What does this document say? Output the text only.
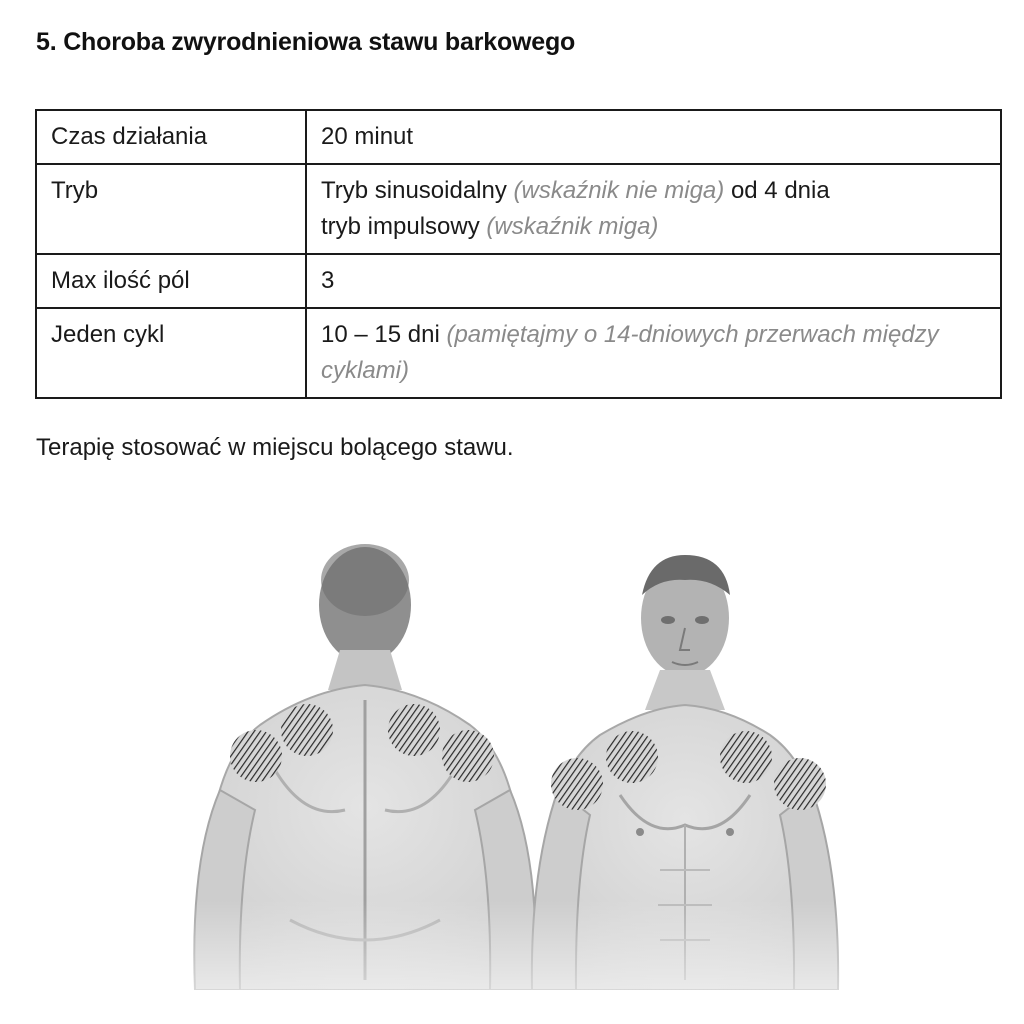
5. Choroba zwyrodnieniowa stawu barkowego
Czas działania	20 minut
Tryb	Tryb sinusoidalny (wskaźnik nie miga) od 4 dnia
tryb impulsowy (wskaźnik miga)

Max ilość pól	3
Jeden cykl	10 – 15 dni (pamiętajmy o 14-dniowych przerwach między cyklami)
Terapię stosować w miejscu bolącego stawu.
